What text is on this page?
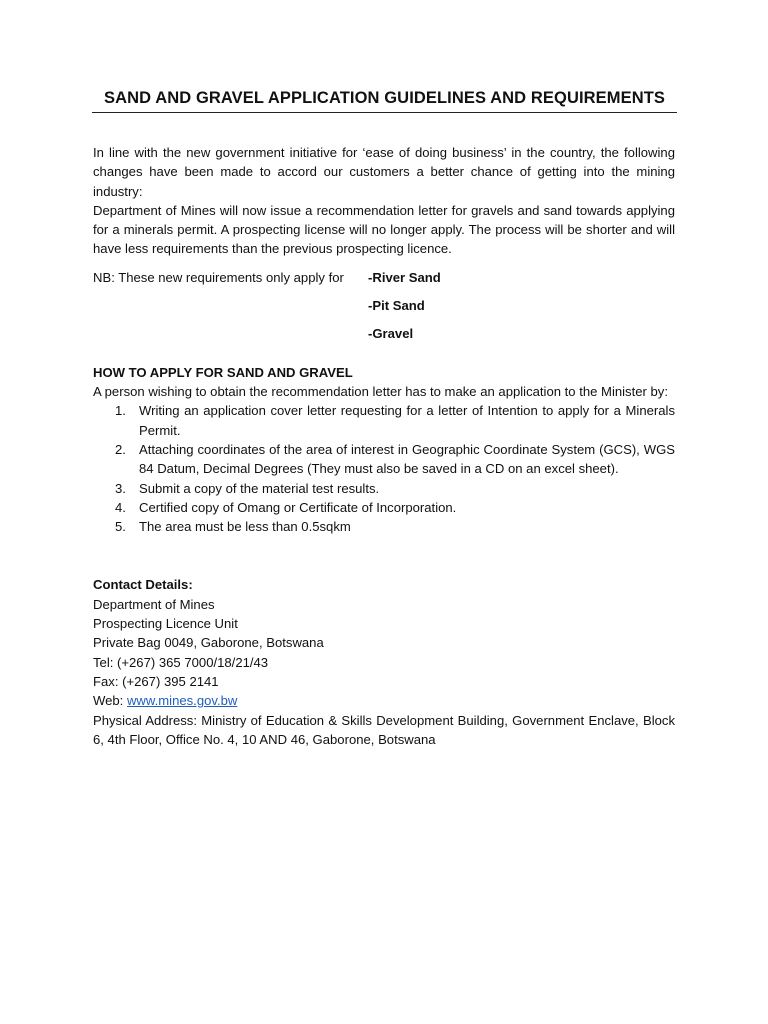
SAND AND GRAVEL APPLICATION GUIDELINES AND REQUIREMENTS
In line with the new government initiative for ‘ease of doing business’ in the country, the following changes have been made to accord our customers a better chance of getting into the mining industry:
Department of Mines will now issue a recommendation letter for gravels and sand towards applying for a minerals permit. A prospecting license will no longer apply. The process will be shorter and will have less requirements than the previous prospecting licence.
NB: These new requirements only apply for -River Sand
-Pit Sand
-Gravel
HOW TO APPLY FOR SAND AND GRAVEL
A person wishing to obtain the recommendation letter has to make an application to the Minister by:
1. Writing an application cover letter requesting for a letter of Intention to apply for a Minerals Permit.
2. Attaching coordinates of the area of interest in Geographic Coordinate System (GCS), WGS 84 Datum, Decimal Degrees (They must also be saved in a CD on an excel sheet).
3. Submit a copy of the material test results.
4. Certified copy of Omang or Certificate of Incorporation.
5. The area must be less than 0.5sqkm
Contact Details:
Department of Mines
Prospecting Licence Unit
Private Bag 0049, Gaborone, Botswana
Tel: (+267) 365 7000/18/21/43
Fax: (+267) 395 2141
Web: www.mines.gov.bw
Physical Address: Ministry of Education & Skills Development Building, Government Enclave, Block 6, 4th Floor, Office No. 4, 10 AND 46, Gaborone, Botswana
